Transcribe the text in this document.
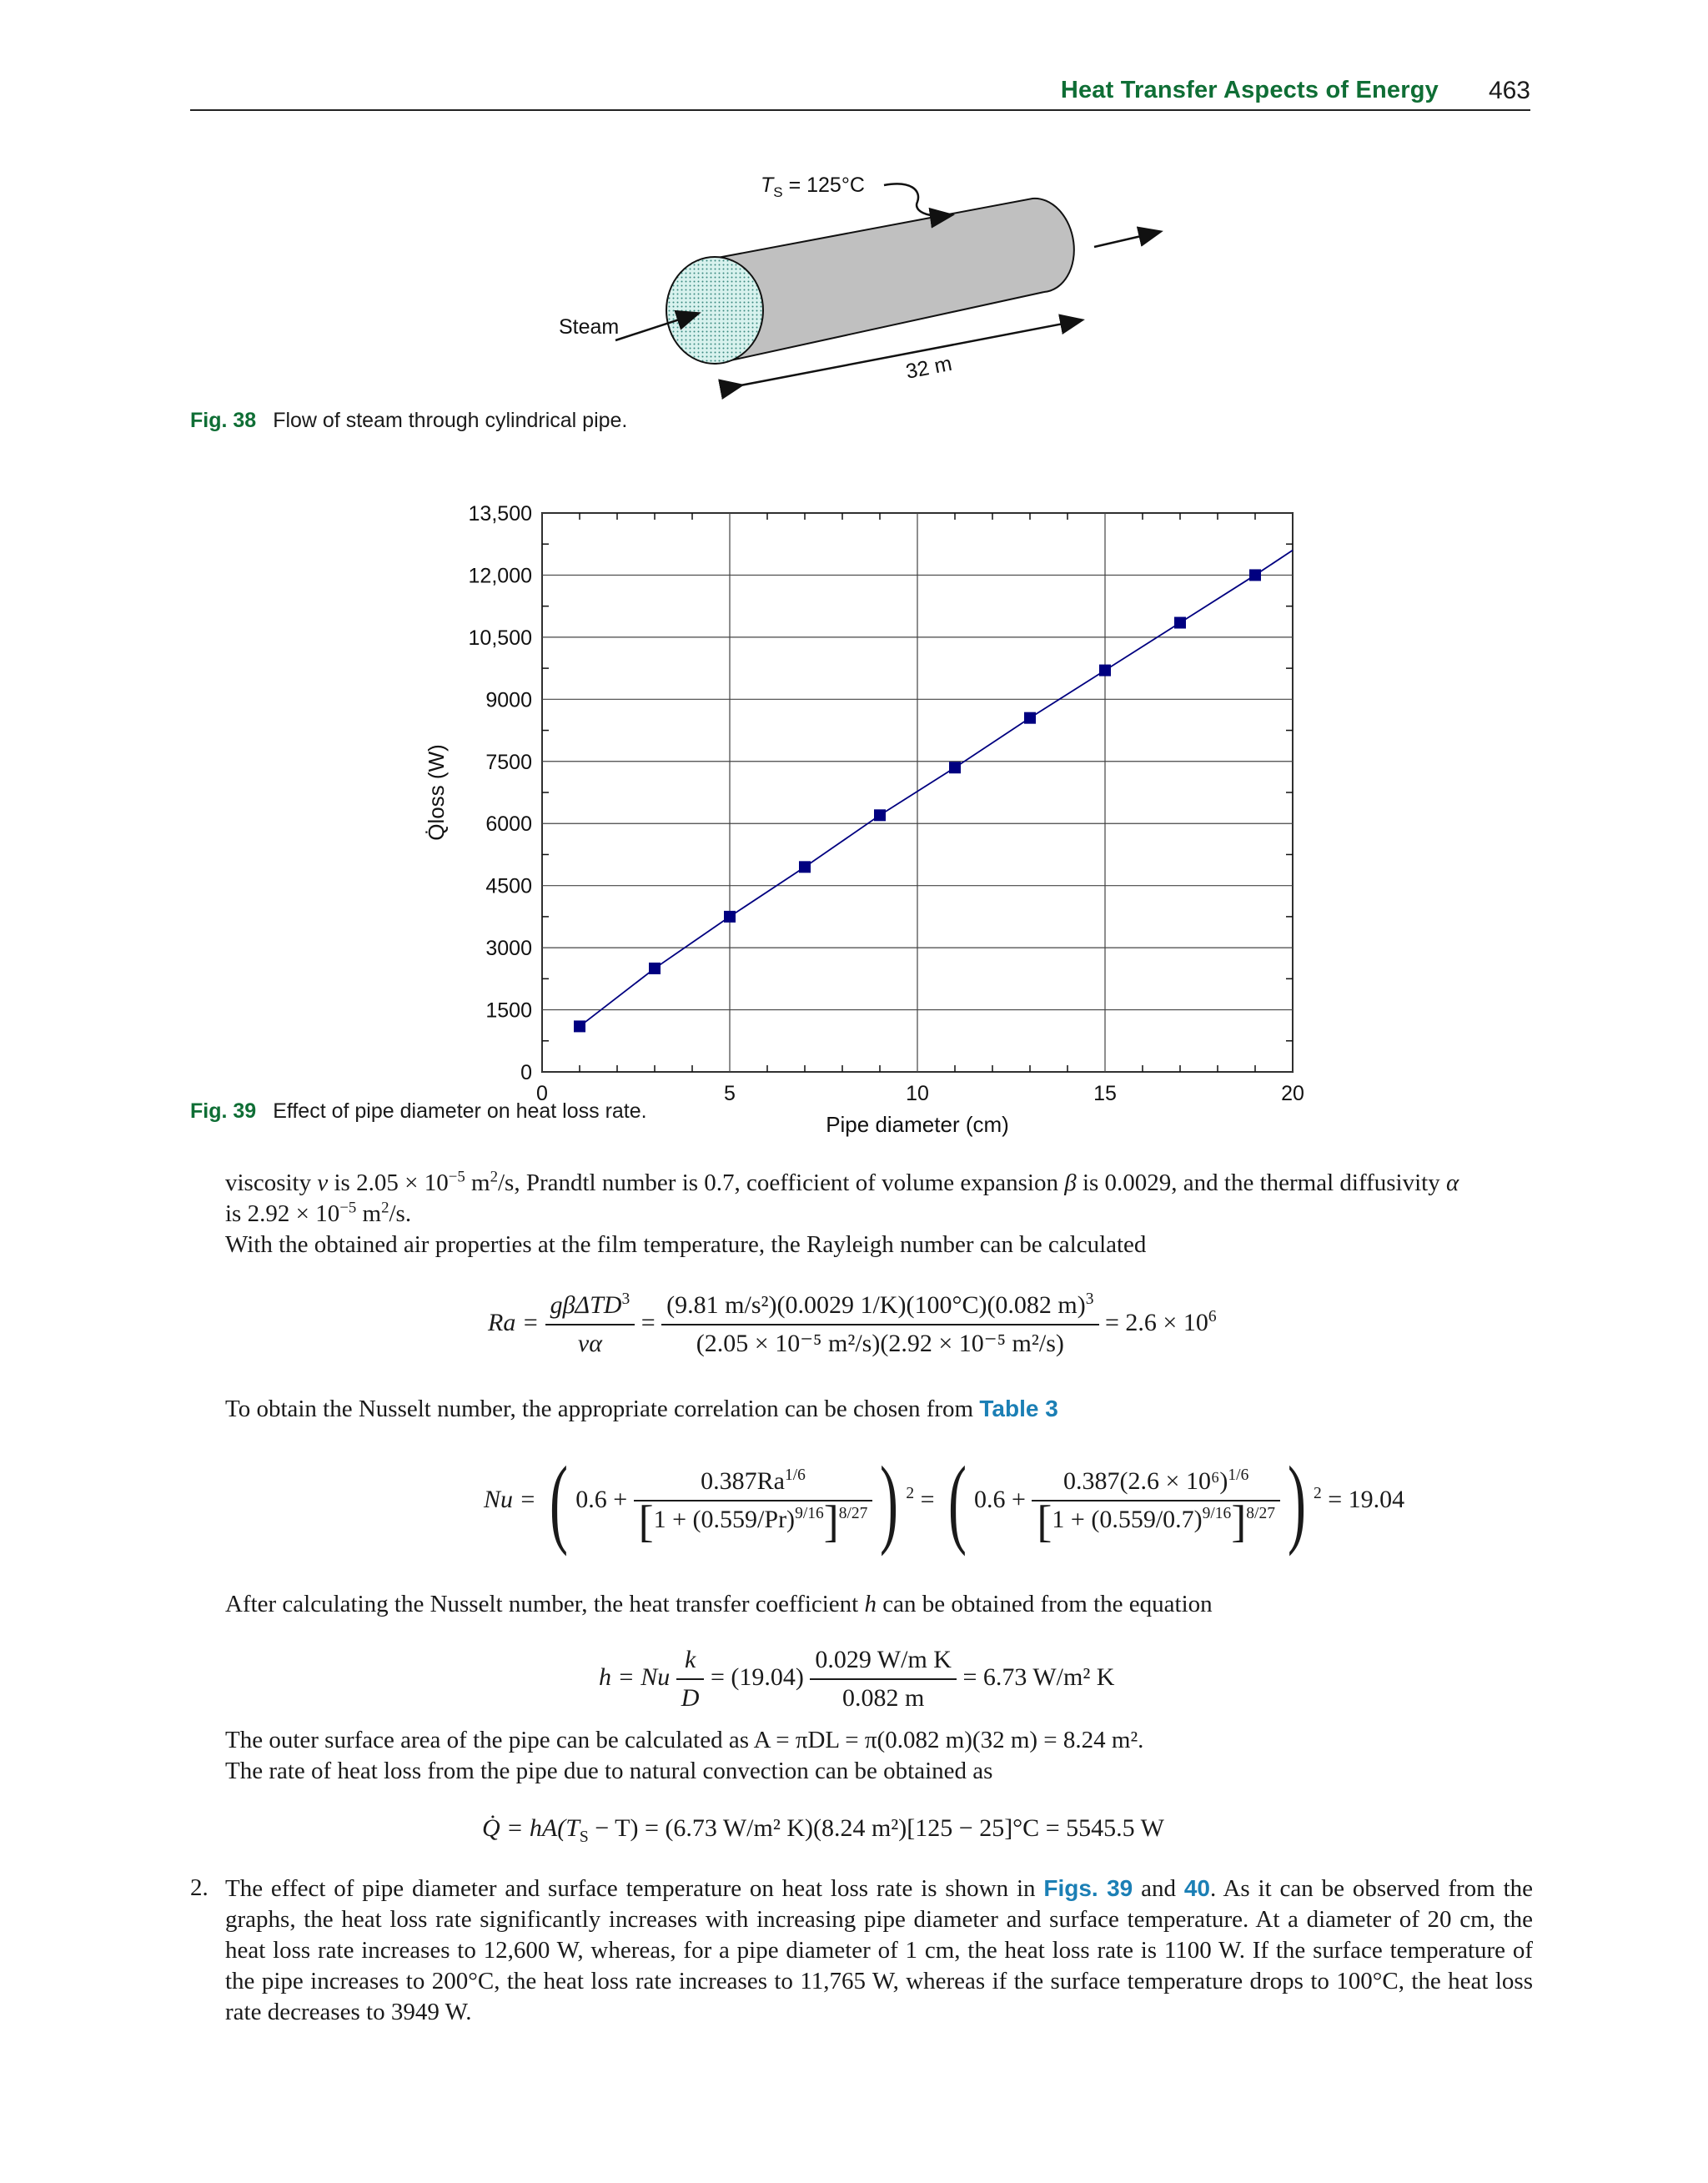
Heat Transfer Aspects of Energy 463
$T_S = 125^\circ C$
Steam
32 m
Fig. 38 Flow of steam through cylindrical pipe.
0
1500
3000
4500
6000
7500
9000
10,500
12,000
13,500
0	5	10	15	20
Q̇loss (W)
Pipe diameter (cm)
Fig. 39 Effect of pipe diameter on heat loss rate.
viscosity v is $2.05 \times 10^{-5}$ $m^2/s$, Prandtl number is 0.7, coefficient of volume expansion β is 0.0029, and the thermal diffusivity α
is $2.92 \times 10^{-5}$ $m^2/s$.
With the obtained air properties at the film temperature, the Rayleigh number can be calculated
$Ra = \frac{g\beta\Delta TD^3}{\nu\alpha} = \frac{(9.81 m/s^2)(0.0029 1/K)(100^\circ C)(0.082 m)^3}{\text{(2.05 × 10⁻⁵ m²/s)(2.92 × 10⁻⁵ m²/s)}} = 2.6 \times 10^6$
To obtain the Nusselt number, the appropriate correlation can be chosen from Table 3
Nu = ( $0.6 + \frac{0.387Ra^{1/6}}{[1 + (0.559/Pr)^{9/16}]^{8/27}}$ ) $^2$ = ( $0.6 + \frac{0.387(2.6 \times 10^6)^{1/6}}{[1 + (0.559/0.7)^{9/16}]^{8/27}}$ ) $^2$ = 19.04
After calculating the Nusselt number, the heat transfer coefficient h can be obtained from the equation
h = Nu $\frac{k}{D} = (19.04) \frac{\text{0.029 W/m K}}{0.082 m} = 6.73$ W/m² K
The outer surface area of the pipe can be calculated as A = πDL = π(0.082 m)(32 m) = 8.24 m².
The rate of heat loss from the pipe due to natural convection can be obtained as
Q̇ = $hA(T_S - T) = (6.73$ W/m² K)(8.24 m²)[125 − 25]°C = 5545.5 W
2. The effect of pipe diameter and surface temperature on heat loss rate is shown in Figs. 39 and 40. As it can be observed from the graphs, the heat loss rate significantly increases with increasing pipe diameter and surface temperature. At a diameter of 20 cm, the heat loss rate increases to 12,600 W, whereas, for a pipe diameter of 1 cm, the heat loss rate is 1100 W. If the surface temperature of the pipe increases to 200°C, the heat loss rate increases to 11,765 W, whereas if the surface temperature drops to 100°C, the heat loss rate decreases to 3949 W.
